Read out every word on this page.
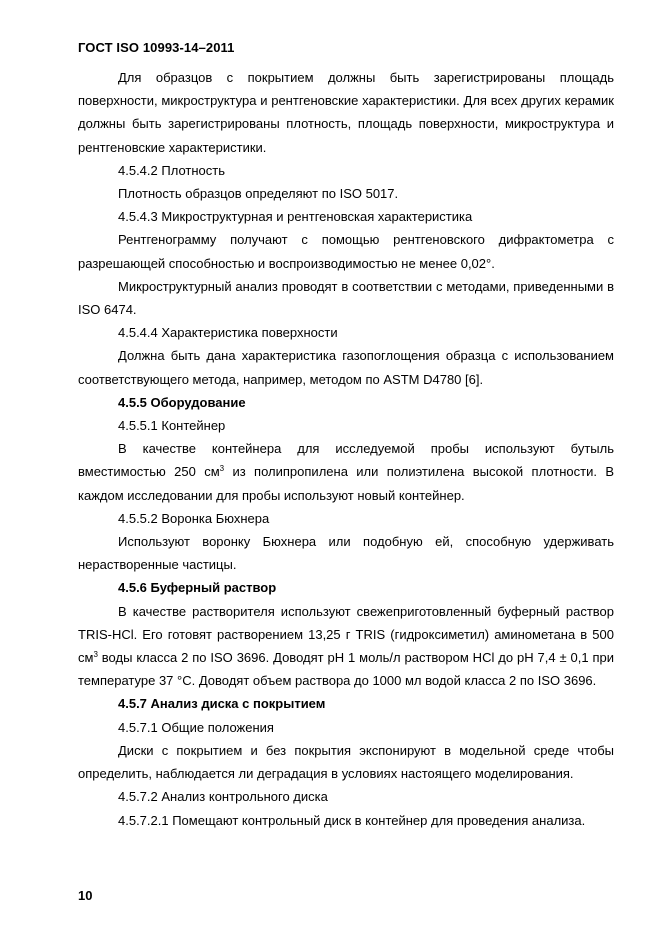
ГОСТ ISO 10993-14–2011

Для образцов с покрытием должны быть зарегистрированы площадь поверхности, микроструктура и рентгеновские характеристики. Для всех других керамик должны быть зарегистрированы плотность, площадь поверхности, микроструктура и рентгеновские характеристики.

4.5.4.2 Плотность

Плотность образцов определяют по ISO 5017.

4.5.4.3 Микроструктурная и рентгеновская характеристика

Рентгенограмму получают с помощью рентгеновского дифрактометра с разрешающей способностью и воспроизводимостью не менее 0,02°.

Микроструктурный анализ проводят в соответствии с методами, приведенными в ISO 6474.

4.5.4.4 Характеристика поверхности

Должна быть дана характеристика газопоглощения образца с использованием соответствующего метода, например, методом по ASTM D4780 [6].

4.5.5 Оборудование

4.5.5.1 Контейнер

В качестве контейнера для исследуемой пробы используют бутыль вместимостью 250 $см^3$ из полипропилена или полиэтилена высокой плотности. В каждом исследовании для пробы используют новый контейнер.

4.5.5.2 Воронка Бюхнера

Используют воронку Бюхнера или подобную ей, способную удерживать нерастворенные частицы.

4.5.6 Буферный раствор

В качестве растворителя используют свежеприготовленный буферный раствор TRIS-HCl. Его готовят растворением 13,25 г TRIS (гидроксиметил) аминометана в 500 $см^3$ воды класса 2 по ISO 3696. Доводят pH 1 моль/л раствором HCl до pH 7,4 ± 0,1 при температуре 37 °С. Доводят объем раствора до 1000 мл водой класса 2 по ISO 3696.

4.5.7 Анализ диска с покрытием

4.5.7.1 Общие положения

Диски с покрытием и без покрытия экспонируют в модельной среде чтобы определить, наблюдается ли деградация в условиях настоящего моделирования.

4.5.7.2 Анализ контрольного диска

4.5.7.2.1 Помещают контрольный диск в контейнер для проведения анализа.

10
